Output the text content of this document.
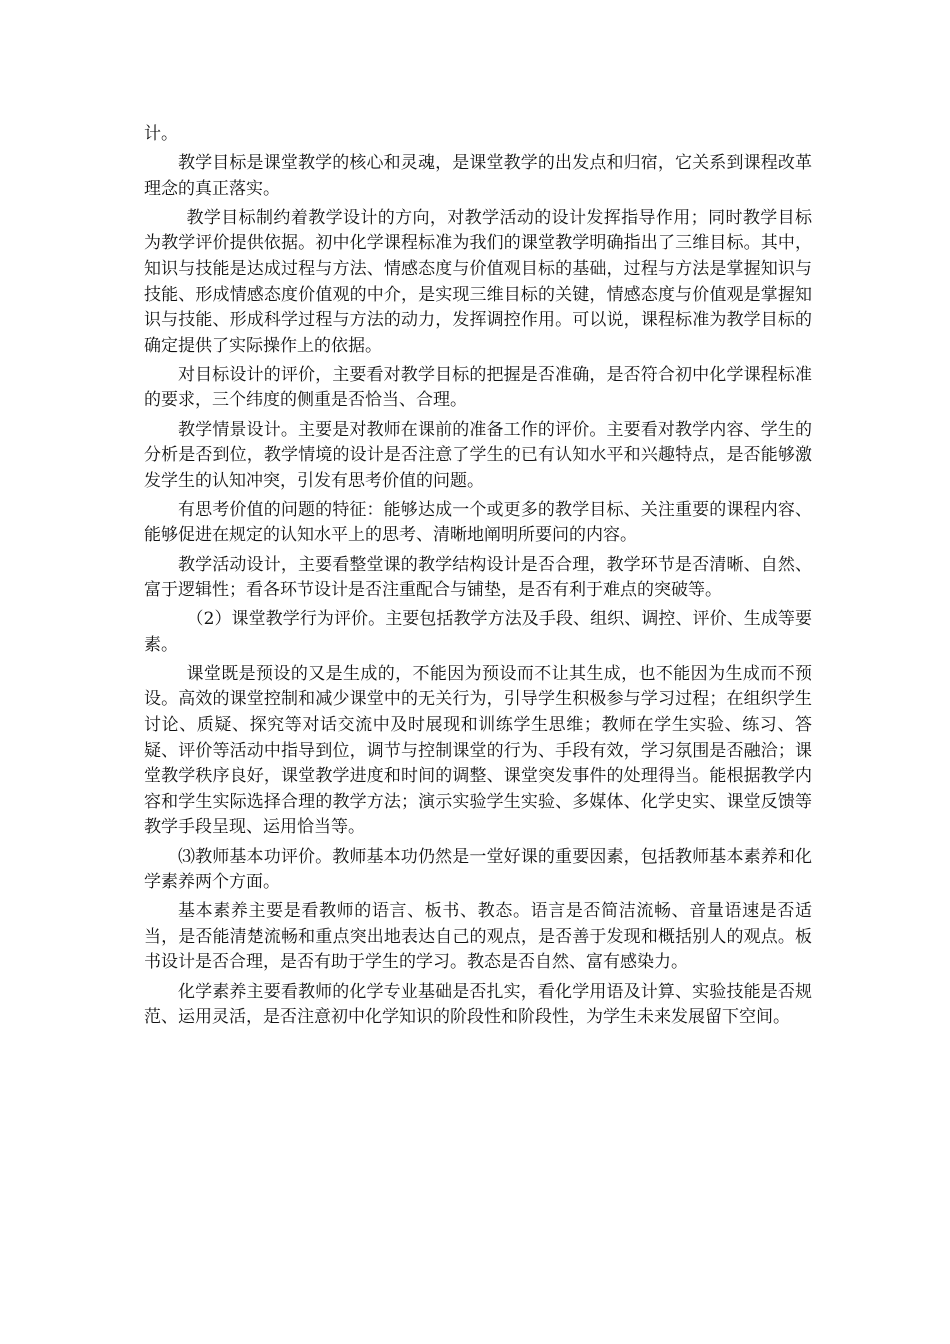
计。

教学目标是课堂教学的核心和灵魂，是课堂教学的出发点和归宿，它关系到课程改革理念的真正落实。

教学目标制约着教学设计的方向，对教学活动的设计发挥指导作用；同时教学目标为教学评价提供依据。初中化学课程标准为我们的课堂教学明确指出了三维目标。其中，知识与技能是达成过程与方法、情感态度与价值观目标的基础，过程与方法是掌握知识与技能、形成情感态度价值观的中介，是实现三维目标的关键，情感态度与价值观是掌握知识与技能、形成科学过程与方法的动力，发挥调控作用。可以说，课程标准为教学目标的确定提供了实际操作上的依据。

对目标设计的评价，主要看对教学目标的把握是否准确，是否符合初中化学课程标准的要求，三个纬度的侧重是否恰当、合理。

教学情景设计。主要是对教师在课前的准备工作的评价。主要看对教学内容、学生的分析是否到位，教学情境的设计是否注意了学生的已有认知水平和兴趣特点，是否能够激发学生的认知冲突，引发有思考价值的问题。

有思考价值的问题的特征：能够达成一个或更多的教学目标、关注重要的课程内容、能够促进在规定的认知水平上的思考、清晰地阐明所要问的内容。

教学活动设计，主要看整堂课的教学结构设计是否合理，教学环节是否清晰、自然、富于逻辑性；看各环节设计是否注重配合与铺垫，是否有利于难点的突破等。

（2）课堂教学行为评价。主要包括教学方法及手段、组织、调控、评价、生成等要素。

课堂既是预设的又是生成的，不能因为预设而不让其生成，也不能因为生成而不预设。高效的课堂控制和减少课堂中的无关行为，引导学生积极参与学习过程；在组织学生讨论、质疑、探究等对话交流中及时展现和训练学生思维；教师在学生实验、练习、答疑、评价等活动中指导到位，调节与控制课堂的行为、手段有效，学习氛围是否融洽；课堂教学秩序良好，课堂教学进度和时间的调整、课堂突发事件的处理得当。能根据教学内容和学生实际选择合理的教学方法；演示实验学生实验、多媒体、化学史实、课堂反馈等教学手段呈现、运用恰当等。

⑶教师基本功评价。教师基本功仍然是一堂好课的重要因素，包括教师基本素养和化学素养两个方面。

基本素养主要是看教师的语言、板书、教态。语言是否简洁流畅、音量语速是否适当，是否能清楚流畅和重点突出地表达自己的观点，是否善于发现和概括别人的观点。板书设计是否合理，是否有助于学生的学习。教态是否自然、富有感染力。

化学素养主要看教师的化学专业基础是否扎实，看化学用语及计算、实验技能是否规范、运用灵活，是否注意初中化学知识的阶段性和阶段性，为学生未来发展留下空间。
